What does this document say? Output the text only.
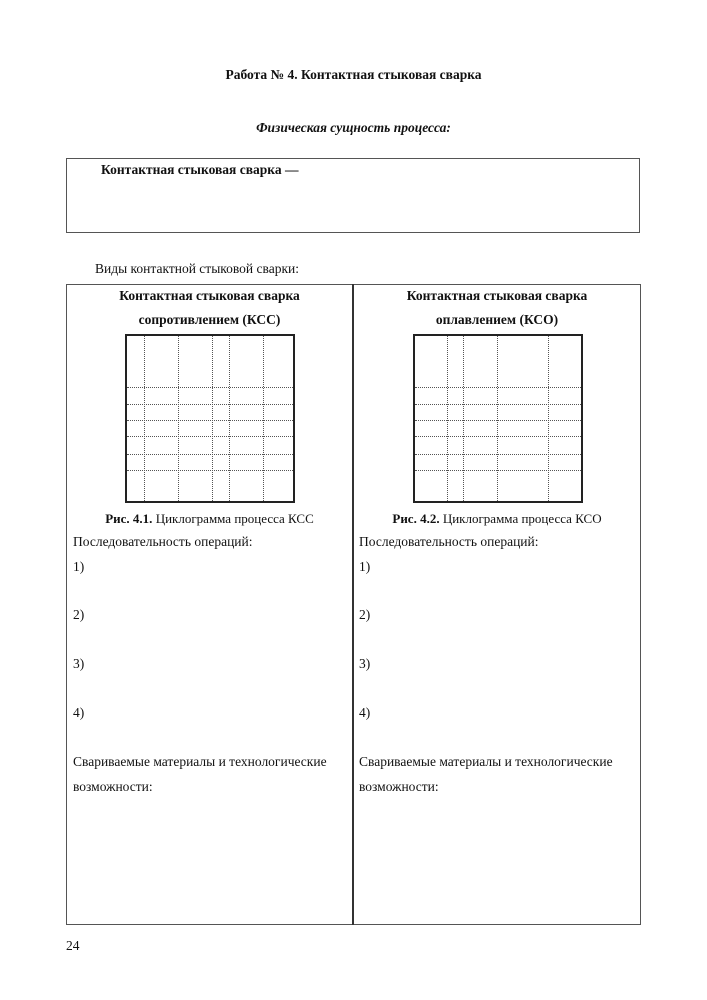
Работа № 4. Контактная стыковая сварка
Физическая сущность процесса:
Контактная стыковая сварка —
Виды контактной стыковой сварки:
Контактная стыковая сварка
сопротивлением (КСС)
Рис. 4.1. Циклограмма процесса КСС
Последовательность операций:
1)
2)
3)
4)
Свариваемые материалы и технологические
возможности:
Контактная стыковая сварка
оплавлением (КСО)
Рис. 4.2. Циклограмма процесса КСО
Последовательность операций:
1)
2)
3)
4)
Свариваемые материалы и технологические
возможности:
24
